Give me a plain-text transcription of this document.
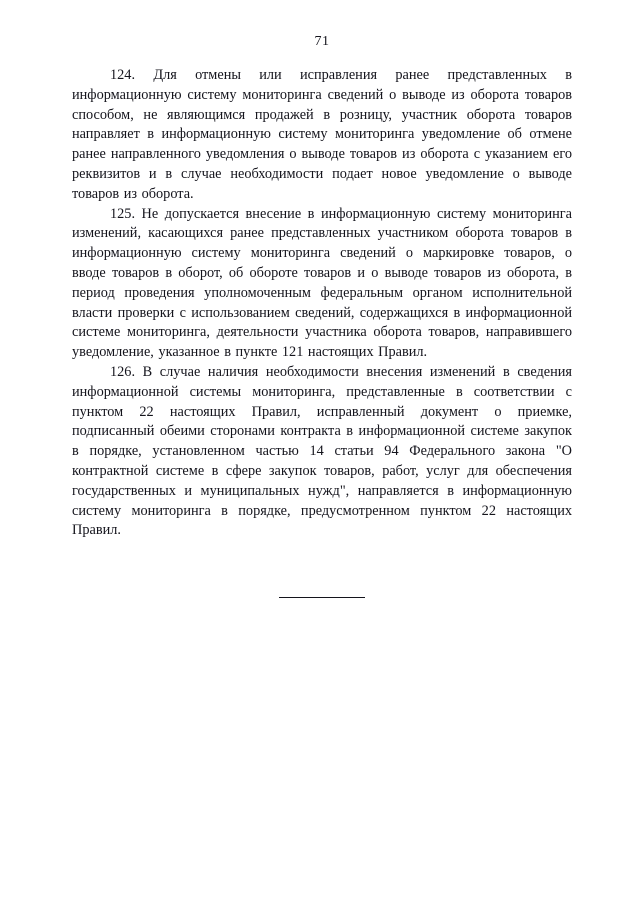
71

124. Для отмены или исправления ранее представленных в информационную систему мониторинга сведений о выводе из оборота товаров способом, не являющимся продажей в розницу, участник оборота товаров направляет в информационную систему мониторинга уведомление об отмене ранее направленного уведомления о выводе товаров из оборота с указанием его реквизитов и в случае необходимости подает новое уведомление о выводе товаров из оборота.

125. Не допускается внесение в информационную систему мониторинга изменений, касающихся ранее представленных участником оборота товаров в информационную систему мониторинга сведений о маркировке товаров, о вводе товаров в оборот, об обороте товаров и о выводе товаров из оборота, в период проведения уполномоченным федеральным органом исполнительной власти проверки с использованием сведений, содержащихся в информационной системе мониторинга, деятельности участника оборота товаров, направившего уведомление, указанное в пункте 121 настоящих Правил.

126. В случае наличия необходимости внесения изменений в сведения информационной системы мониторинга, представленные в соответствии с пунктом 22 настоящих Правил, исправленный документ о приемке, подписанный обеими сторонами контракта в информационной системе закупок в порядке, установленном частью 14 статьи 94 Федерального закона "О контрактной системе в сфере закупок товаров, работ, услуг для обеспечения государственных и муниципальных нужд", направляется в информационную систему мониторинга в порядке, предусмотренном пунктом 22 настоящих Правил.
